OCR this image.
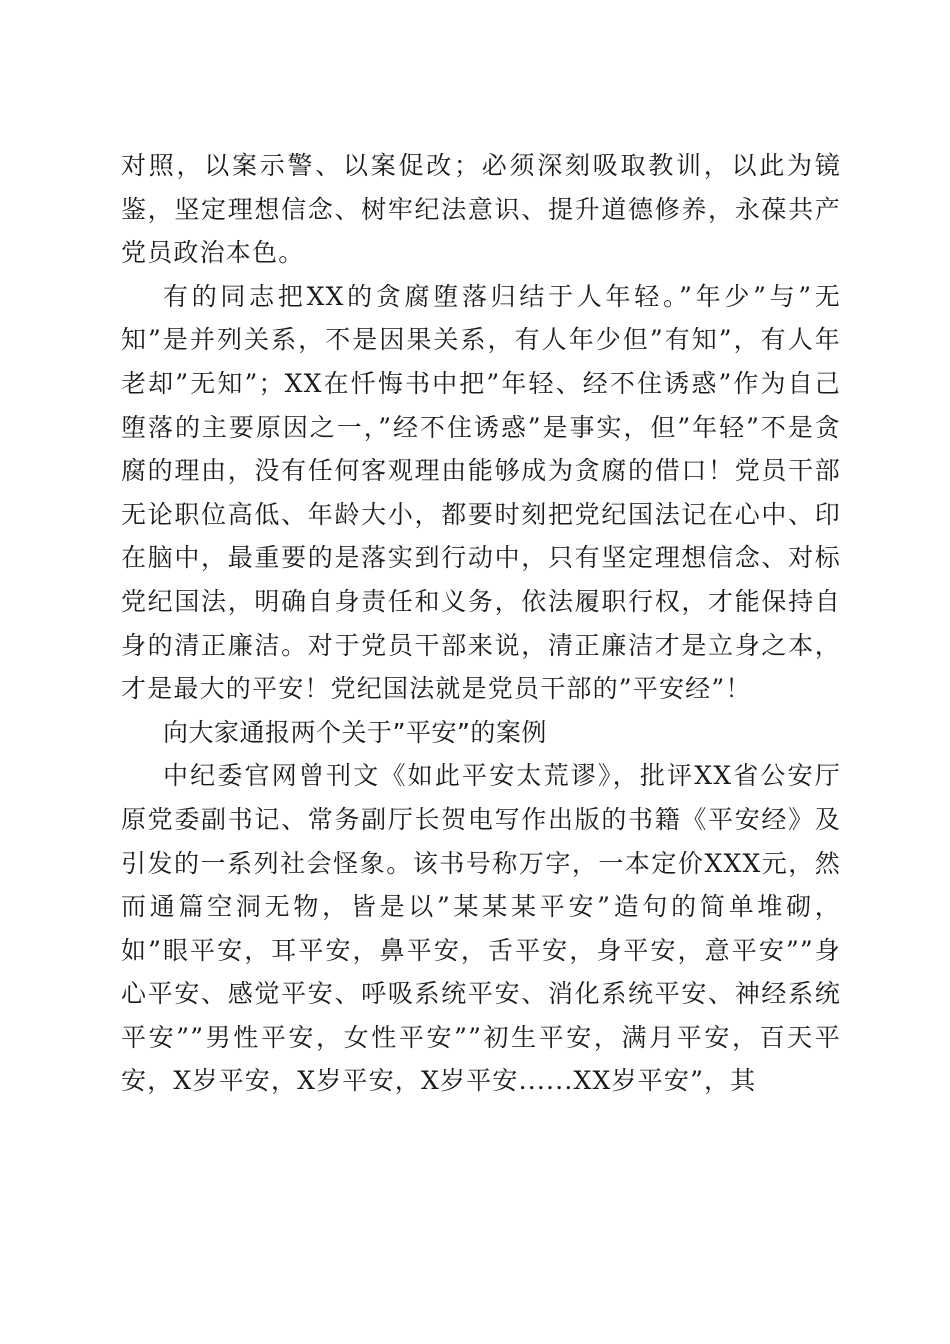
对照，以案示警、以案促改；必须深刻吸取教训，以此为镜鉴，坚定理想信念、树牢纪法意识、提升道德修养，永葆共产党员政治本色。

有的同志把XX的贪腐堕落归结于人年轻。”年少”与”无知”是并列关系，不是因果关系，有人年少但”有知”，有人年老却”无知”；XX在忏悔书中把”年轻、经不住诱惑”作为自己堕落的主要原因之一，”经不住诱惑”是事实，但”年轻”不是贪腐的理由，没有任何客观理由能够成为贪腐的借口！党员干部无论职位高低、年龄大小，都要时刻把党纪国法记在心中、印在脑中，最重要的是落实到行动中，只有坚定理想信念、对标党纪国法，明确自身责任和义务，依法履职行权，才能保持自身的清正廉洁。对于党员干部来说，清正廉洁才是立身之本，才是最大的平安！党纪国法就是党员干部的”平安经”！

向大家通报两个关于”平安”的案例

中纪委官网曾刊文《如此平安太荒谬》，批评XX省公安厅原党委副书记、常务副厅长贺电写作出版的书籍《平安经》及引发的一系列社会怪象。该书号称万字，一本定价XXX元，然而通篇空洞无物，皆是以”某某某平安”造句的简单堆砌，如”眼平安，耳平安，鼻平安，舌平安，身平安，意平安””身心平安、感觉平安、呼吸系统平安、消化系统平安、神经系统平安””男性平安，女性平安””初生平安，满月平安，百天平安，X岁平安，X岁平安，X岁平安......XX岁平安”，其
